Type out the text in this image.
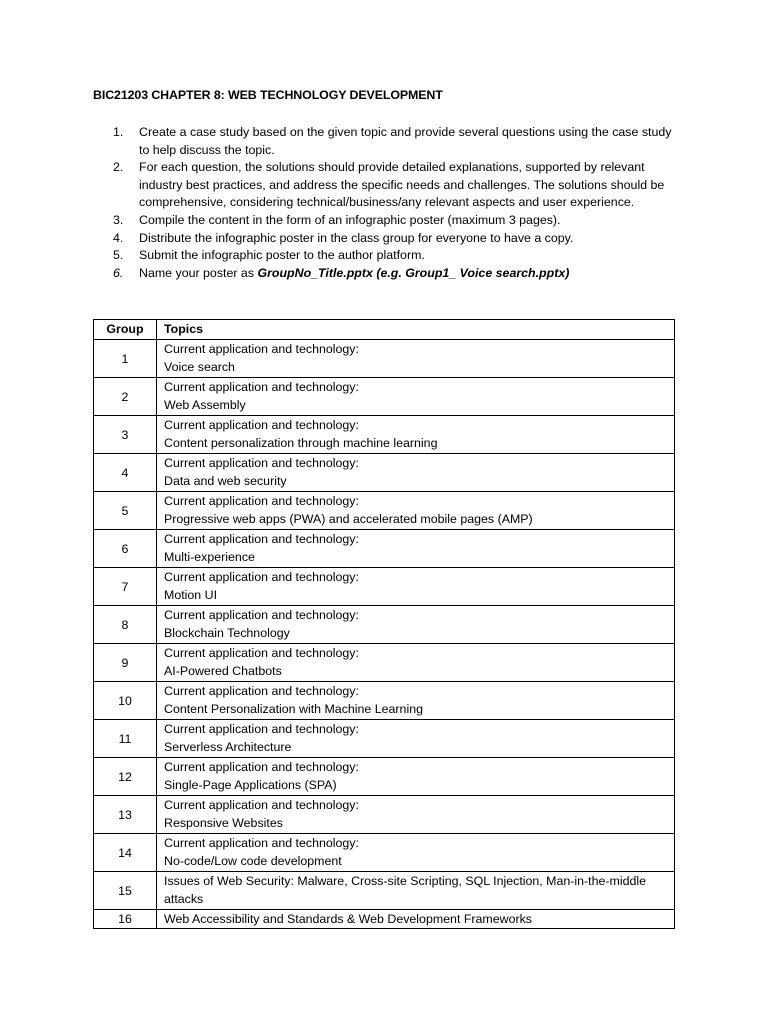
BIC21203 CHAPTER 8: WEB TECHNOLOGY DEVELOPMENT
1.	Create a case study based on the given topic and provide several questions using the case study to help discuss the topic.
2.	For each question, the solutions should provide detailed explanations, supported by relevant industry best practices, and address the specific needs and challenges. The solutions should be comprehensive, considering technical/business/any relevant aspects and user experience.
3.	Compile the content in the form of an infographic poster (maximum 3 pages).
4.	Distribute the infographic poster in the class group for everyone to have a copy.
5.	Submit the infographic poster to the author platform.
6.	Name your poster as GroupNo_Title.pptx (e.g. Group1_ Voice search.pptx)
Group	Topics
1	Current application and technology:
Voice search

2	Current application and technology:
Web Assembly

3	Current application and technology:
Content personalization through machine learning

4	Current application and technology:
Data and web security

5	Current application and technology:
Progressive web apps (PWA) and accelerated mobile pages (AMP)

6	Current application and technology:
Multi-experience

7	Current application and technology:
Motion UI

8	Current application and technology:
Blockchain Technology

9	Current application and technology:
AI-Powered Chatbots

10	Current application and technology:
Content Personalization with Machine Learning

11	Current application and technology:
Serverless Architecture

12	Current application and technology:
Single-Page Applications (SPA)

13	Current application and technology:
Responsive Websites

14	Current application and technology:
No-code/Low code development

15	Issues of Web Security: Malware, Cross-site Scripting, SQL Injection, Man-in-the-middle
attacks

16	Web Accessibility and Standards & Web Development Frameworks
